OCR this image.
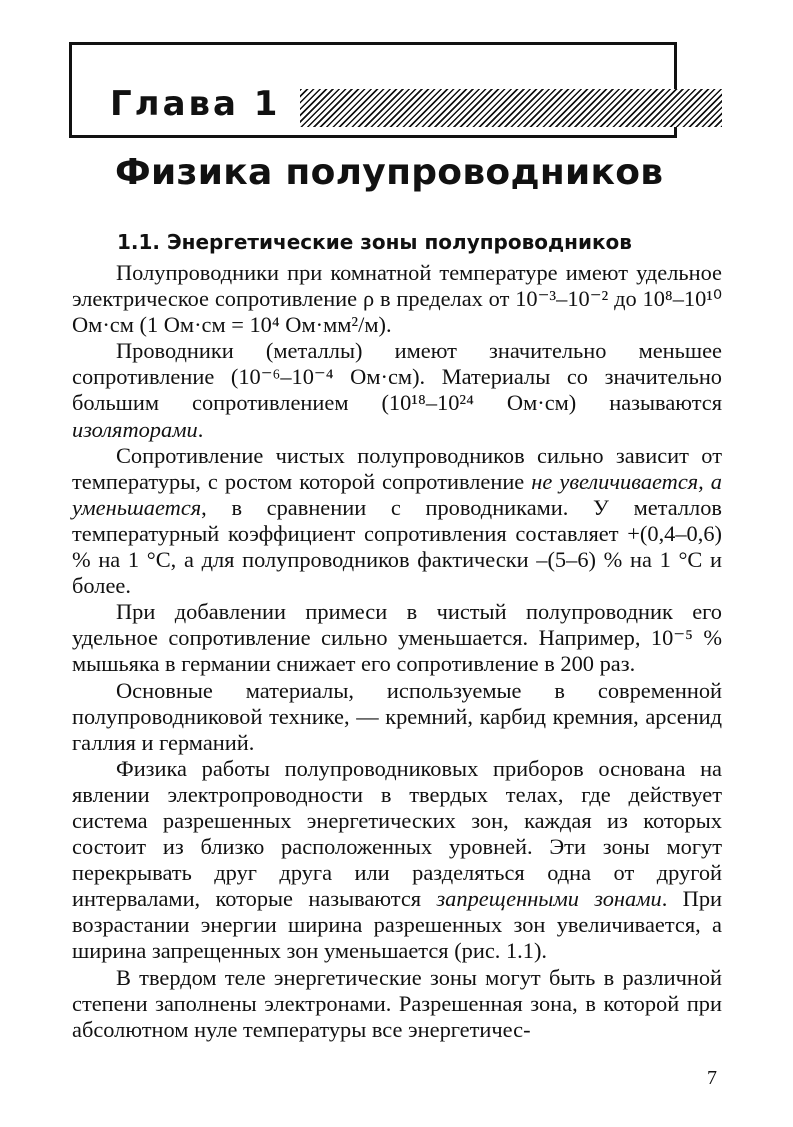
Глава 1
Физика полупроводников
1.1. Энергетические зоны полупроводников

Полупроводники при комнатной температуре имеют удельное электрическое сопротивление ρ в пределах от 10⁻³–10⁻² до 10⁸–10¹⁰ Ом·см (1 Ом·см = 10⁴ Ом·мм²/м).

Проводники (металлы) имеют значительно меньшее сопротивление (10⁻⁶–10⁻⁴ Ом·см). Материалы со значительно большим сопротивлением (10¹⁸–10²⁴ Ом·см) называются изоляторами.

Сопротивление чистых полупроводников сильно зависит от температуры, с ростом которой сопротивление не увеличивается, а уменьшается, в сравнении с проводниками. У металлов температурный коэффициент сопротивления составляет +(0,4–0,6) % на 1 °С, а для полупроводников фактически –(5–6) % на 1 °С и более.

При добавлении примеси в чистый полупроводник его удельное сопротивление сильно уменьшается. Например, 10⁻⁵ % мышьяка в германии снижает его сопротивление в 200 раз.

Основные материалы, используемые в современной полупроводниковой технике, — кремний, карбид кремния, арсенид галлия и германий.

Физика работы полупроводниковых приборов основана на явлении электропроводности в твердых телах, где действует система разрешенных энергетических зон, каждая из которых состоит из близко расположенных уровней. Эти зоны могут перекрывать друг друга или разделяться одна от другой интервалами, которые называются запрещенными зонами. При возрастании энергии ширина разрешенных зон увеличивается, а ширина запрещенных зон уменьшается (рис. 1.1).

В твердом теле энергетические зоны могут быть в различной степени заполнены электронами. Разрешенная зона, в которой при абсолютном нуле температуры все энергетичес-

7
